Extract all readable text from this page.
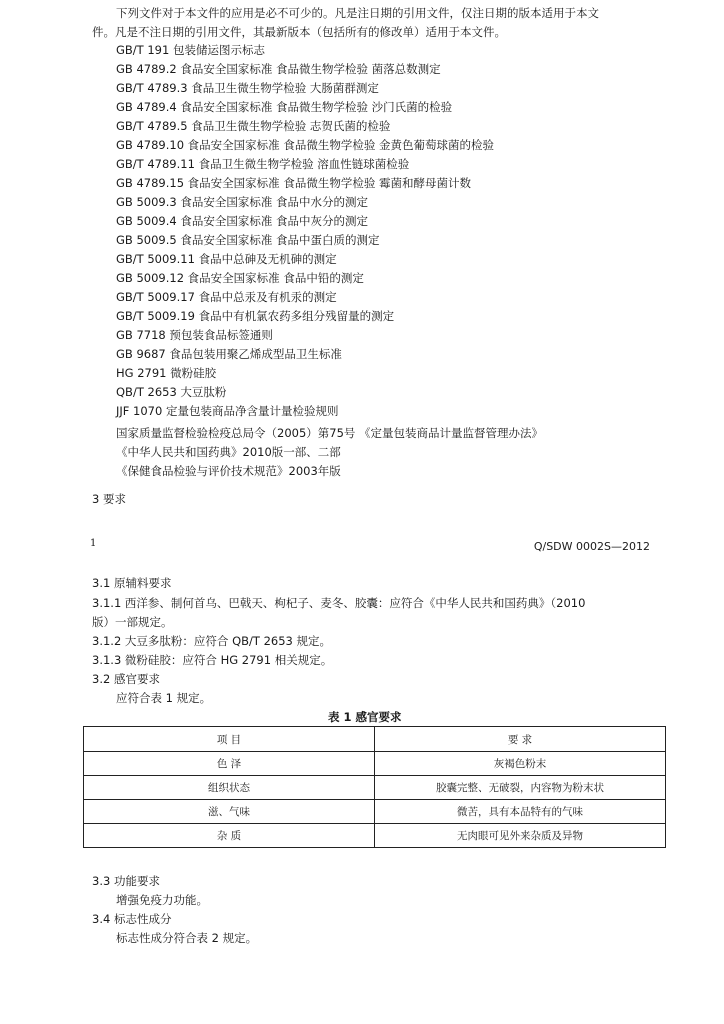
下列文件对于本文件的应用是必不可少的。凡是注日期的引用文件，仅注日期的版本适用于本文
件。凡是不注日期的引用文件，其最新版本（包括所有的修改单）适用于本文件。
GB/T 191 包装储运图示标志
GB 4789.2 食品安全国家标准 食品微生物学检验 菌落总数测定
GB/T 4789.3 食品卫生微生物学检验 大肠菌群测定
GB 4789.4 食品安全国家标准 食品微生物学检验 沙门氏菌的检验
GB/T 4789.5 食品卫生微生物学检验 志贺氏菌的检验
GB 4789.10 食品安全国家标准 食品微生物学检验 金黄色葡萄球菌的检验
GB/T 4789.11 食品卫生微生物学检验 溶血性链球菌检验
GB 4789.15 食品安全国家标准 食品微生物学检验 霉菌和酵母菌计数
GB 5009.3 食品安全国家标准 食品中水分的测定
GB 5009.4 食品安全国家标准 食品中灰分的测定
GB 5009.5 食品安全国家标准 食品中蛋白质的测定
GB/T 5009.11 食品中总砷及无机砷的测定
GB 5009.12 食品安全国家标准 食品中铅的测定
GB/T 5009.17 食品中总汞及有机汞的测定
GB/T 5009.19 食品中有机氯农药多组分残留量的测定
GB 7718 预包装食品标签通则
GB 9687 食品包装用聚乙烯成型品卫生标准
HG 2791 微粉硅胶
QB/T 2653 大豆肽粉
JJF 1070 定量包装商品净含量计量检验规则
国家质量监督检验检疫总局令（2005）第75号 《定量包装商品计量监督管理办法》
《中华人民共和国药典》2010版一部、二部
《保健食品检验与评价技术规范》2003年版
3 要求
1	Q/SDW 0002S—2012
3.1 原辅料要求
3.1.1 西洋参、制何首乌、巴戟天、枸杞子、麦冬、胶囊：应符合《中华人民共和国药典》（2010
版）一部规定。
3.1.2 大豆多肽粉：应符合 QB/T 2653 规定。
3.1.3 微粉硅胶：应符合 HG 2791 相关规定。
3.2 感官要求
应符合表 1 规定。
表 1 感官要求
项 目	要 求
色 泽	灰褐色粉末
组织状态	胶囊完整、无破裂，内容物为粉末状
滋、气味	微苦，具有本品特有的气味
杂 质	无肉眼可见外来杂质及异物
3.3 功能要求
增强免疫力功能。
3.4 标志性成分
标志性成分符合表 2 规定。
